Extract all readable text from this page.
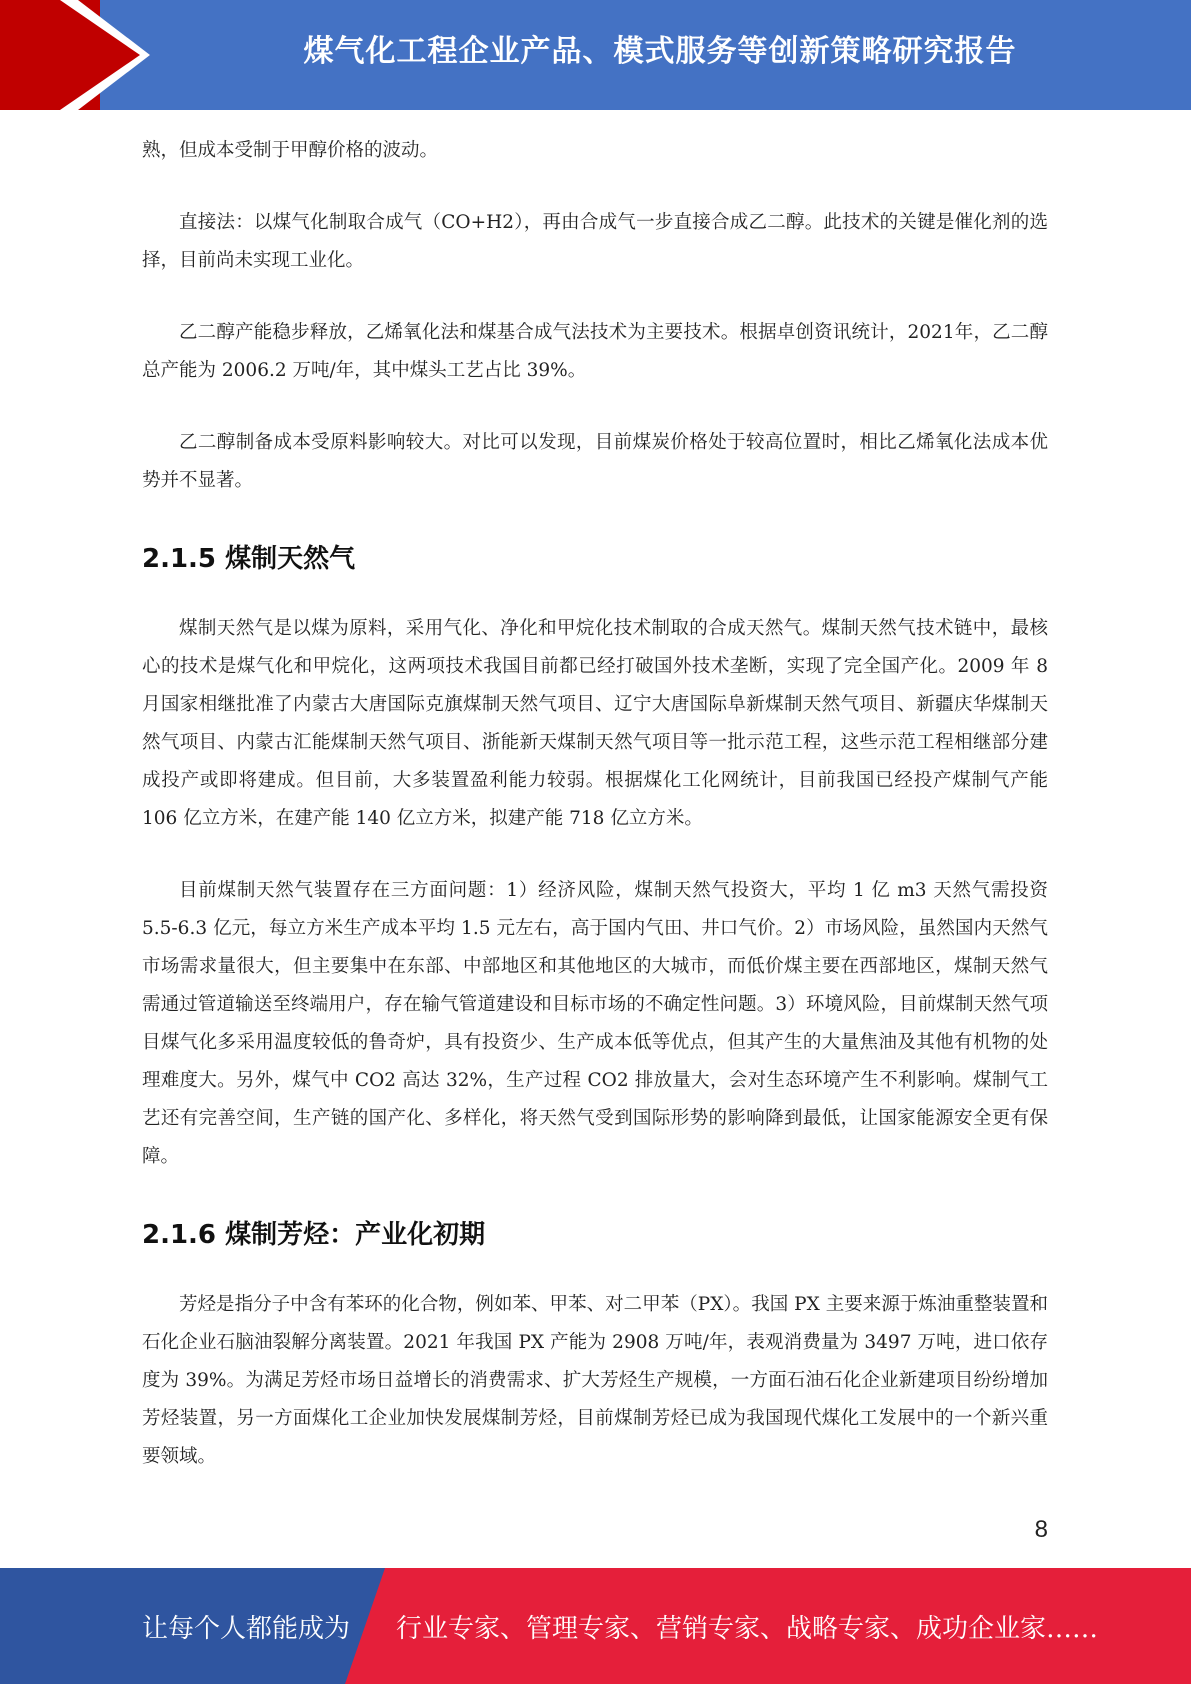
煤气化工程企业产品、模式服务等创新策略研究报告

熟，但成本受制于甲醇价格的波动。

直接法：以煤气化制取合成气（CO+H2），再由合成气一步直接合成乙二醇。此技术的关键是催化剂的选择，目前尚未实现工业化。

乙二醇产能稳步释放，乙烯氧化法和煤基合成气法技术为主要技术。根据卓创资讯统计，2021年，乙二醇总产能为 2006.2 万吨/年，其中煤头工艺占比 39%。

乙二醇制备成本受原料影响较大。对比可以发现，目前煤炭价格处于较高位置时，相比乙烯氧化法成本优势并不显著。

2.1.5 煤制天然气

煤制天然气是以煤为原料，采用气化、净化和甲烷化技术制取的合成天然气。煤制天然气技术链中，最核心的技术是煤气化和甲烷化，这两项技术我国目前都已经打破国外技术垄断，实现了完全国产化。2009 年 8 月国家相继批准了内蒙古大唐国际克旗煤制天然气项目、辽宁大唐国际阜新煤制天然气项目、新疆庆华煤制天然气项目、内蒙古汇能煤制天然气项目、浙能新天煤制天然气项目等一批示范工程，这些示范工程相继部分建成投产或即将建成。但目前，大多装置盈利能力较弱。根据煤化工化网统计，目前我国已经投产煤制气产能 106 亿立方米，在建产能 140 亿立方米，拟建产能 718 亿立方米。

目前煤制天然气装置存在三方面问题：1）经济风险，煤制天然气投资大，平均 1 亿 m3 天然气需投资 5.5-6.3 亿元，每立方米生产成本平均 1.5 元左右，高于国内气田、井口气价。2）市场风险，虽然国内天然气市场需求量很大，但主要集中在东部、中部地区和其他地区的大城市，而低价煤主要在西部地区，煤制天然气需通过管道输送至终端用户，存在输气管道建设和目标市场的不确定性问题。3）环境风险，目前煤制天然气项目煤气化多采用温度较低的鲁奇炉，具有投资少、生产成本低等优点，但其产生的大量焦油及其他有机物的处理难度大。另外，煤气中 CO2 高达 32%，生产过程 CO2 排放量大，会对生态环境产生不利影响。煤制气工艺还有完善空间，生产链的国产化、多样化，将天然气受到国际形势的影响降到最低，让国家能源安全更有保障。

2.1.6 煤制芳烃：产业化初期

芳烃是指分子中含有苯环的化合物，例如苯、甲苯、对二甲苯（PX）。我国 PX 主要来源于炼油重整装置和石化企业石脑油裂解分离装置。2021 年我国 PX 产能为 2908 万吨/年，表观消费量为 3497 万吨，进口依存度为 39%。为满足芳烃市场日益增长的消费需求、扩大芳烃生产规模，一方面石油石化企业新建项目纷纷增加芳烃装置，另一方面煤化工企业加快发展煤制芳烃，目前煤制芳烃已成为我国现代煤化工发展中的一个新兴重要领域。

8
让每个人都能成为 行业专家、管理专家、营销专家、战略专家、成功企业家……
